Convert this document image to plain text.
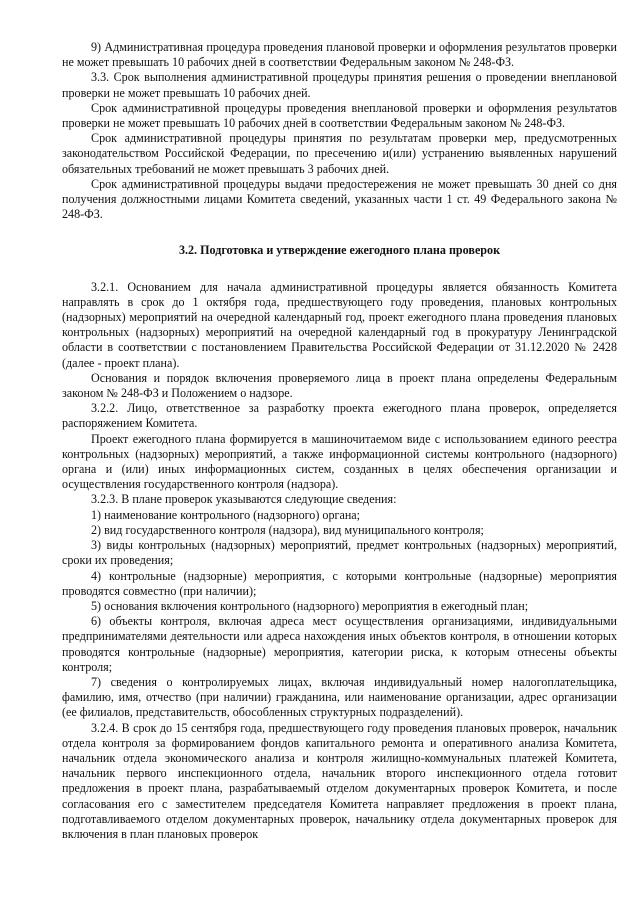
9) Административная процедура проведения плановой проверки и оформления результатов проверки не может превышать 10 рабочих дней в соответствии Федеральным законом № 248-ФЗ.

3.3. Срок выполнения административной процедуры принятия решения о проведении внеплановой проверки не может превышать 10 рабочих дней.

Срок административной процедуры проведения внеплановой проверки и оформления результатов проверки не может превышать 10 рабочих дней в соответствии Федеральным законом № 248-ФЗ.

Срок административной процедуры принятия по результатам проверки мер, предусмотренных законодательством Российской Федерации, по пресечению и(или) устранению выявленных нарушений обязательных требований не может превышать 3 рабочих дней.

Срок административной процедуры выдачи предостережения не может превышать 30 дней со дня получения должностными лицами Комитета сведений, указанных части 1 ст. 49 Федерального закона № 248-ФЗ.

3.2. Подготовка и утверждение ежегодного плана проверок

3.2.1. Основанием для начала административной процедуры является обязанность Комитета направлять в срок до 1 октября года, предшествующего году проведения, плановых контрольных (надзорных) мероприятий на очередной календарный год, проект ежегодного плана проведения плановых контрольных (надзорных) мероприятий на очередной календарный год в прокуратуру Ленинградской области в соответствии с постановлением Правительства Российской Федерации от 31.12.2020 № 2428 (далее - проект плана).

Основания и порядок включения проверяемого лица в проект плана определены Федеральным законом № 248-ФЗ и Положением о надзоре.

3.2.2. Лицо, ответственное за разработку проекта ежегодного плана проверок, определяется распоряжением Комитета.

Проект ежегодного плана формируется в машиночитаемом виде с использованием единого реестра контрольных (надзорных) мероприятий, а также информационной системы контрольного (надзорного) органа и (или) иных информационных систем, созданных в целях обеспечения организации и осуществления государственного контроля (надзора).

3.2.3. В плане проверок указываются следующие сведения:

1) наименование контрольного (надзорного) органа;

2) вид государственного контроля (надзора), вид муниципального контроля;

3) виды контрольных (надзорных) мероприятий, предмет контрольных (надзорных) мероприятий, сроки их проведения;

4) контрольные (надзорные) мероприятия, с которыми контрольные (надзорные) мероприятия проводятся совместно (при наличии);

5) основания включения контрольного (надзорного) мероприятия в ежегодный план;

6) объекты контроля, включая адреса мест осуществления организациями, индивидуальными предпринимателями деятельности или адреса нахождения иных объектов контроля, в отношении которых проводятся контрольные (надзорные) мероприятия, категории риска, к которым отнесены объекты контроля;

7) сведения о контролируемых лицах, включая индивидуальный номер налогоплательщика, фамилию, имя, отчество (при наличии) гражданина, или наименование организации, адрес организации (ее филиалов, представительств, обособленных структурных подразделений).

3.2.4. В срок до 15 сентября года, предшествующего году проведения плановых проверок, начальник отдела контроля за формированием фондов капитального ремонта и оперативного анализа Комитета, начальник отдела экономического анализа и контроля жилищно-коммунальных платежей Комитета, начальник первого инспекционного отдела, начальник второго инспекционного отдела готовит предложения в проект плана, разрабатываемый отделом документарных проверок Комитета, и после согласования его с заместителем председателя Комитета направляет предложения в проект плана, подготавливаемого отделом документарных проверок, начальнику отдела документарных проверок для включения в план плановых проверок
